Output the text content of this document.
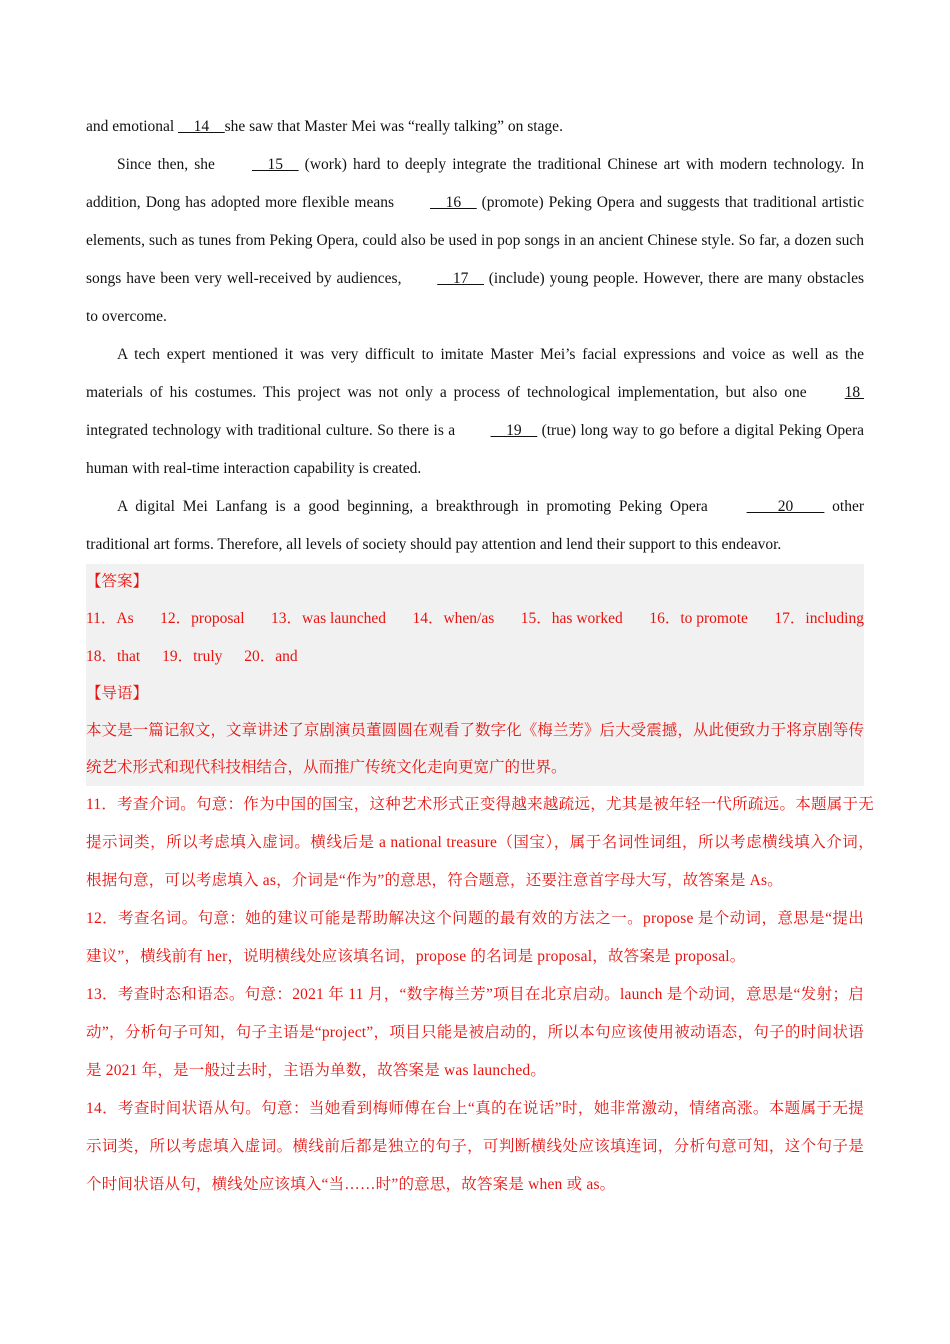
and emotional __14__she saw that Master Mei was “really talking” on stage.

Since then, she __15__ (work) hard to deeply integrate the traditional Chinese art with modern technology. In addition, Dong has adopted more flexible means __16__ (promote) Peking Opera and suggests that traditional artistic elements, such as tunes from Peking Opera, could also be used in pop songs in an ancient Chinese style. So far, a dozen such songs have been very well-received by audiences, __17__ (include) young people. However, there are many obstacles to overcome.

A tech expert mentioned it was very difficult to imitate Master Mei’s facial expressions and voice as well as the materials of his costumes. This project was not only a process of technological implementation, but also one 18  integrated technology with traditional culture. So there is a __19__ (true) long way to go before a digital Peking Opera human with real-time interaction capability is created.

A digital Mei Lanfang is a good beginning, a breakthrough in promoting Peking Opera ____20____ other traditional art forms. Therefore, all levels of society should pay attention and lend their support to this endeavor.

【答案】
11．As 12．proposal 13．was launched 14．when/as 15．has worked 16．to promote 17．including
18．that 19．truly 20．and
【导语】

本文是一篇记叙文，文章讲述了京剧演员董圆圆在观看了数字化《梅兰芳》后大受震撼，从此便致力于将京剧等传统艺术形式和现代科技相结合，从而推广传统文化走向更宽广的世界。

11．考查介词。句意：作为中国的国宝，这种艺术形式正变得越来越疏远，尤其是被年轻一代所疏远。本题属于无提示词类，所以考虑填入虚词。横线后是 a national treasure（国宝），属于名词性词组，所以考虑横线填入介词，根据句意，可以考虑填入 as，介词是“作为”的意思，符合题意，还要注意首字母大写，故答案是 As。

12．考查名词。句意：她的建议可能是帮助解决这个问题的最有效的方法之一。propose 是个动词，意思是“提出建议”，横线前有 her，说明横线处应该填名词，propose 的名词是 proposal，故答案是 proposal。

13．考查时态和语态。句意：2021 年 11 月，“数字梅兰芳”项目在北京启动。launch 是个动词，意思是“发射；启动”，分析句子可知，句子主语是“project”，项目只能是被启动的，所以本句应该使用被动语态，句子的时间状语是 2021 年，是一般过去时，主语为单数，故答案是 was launched。

14．考查时间状语从句。句意：当她看到梅师傅在台上“真的在说话”时，她非常激动，情绪高涨。本题属于无提示词类，所以考虑填入虚词。横线前后都是独立的句子，可判断横线处应该填连词，分析句意可知，这个句子是个时间状语从句，横线处应该填入“当……时”的意思，故答案是 when 或 as。
